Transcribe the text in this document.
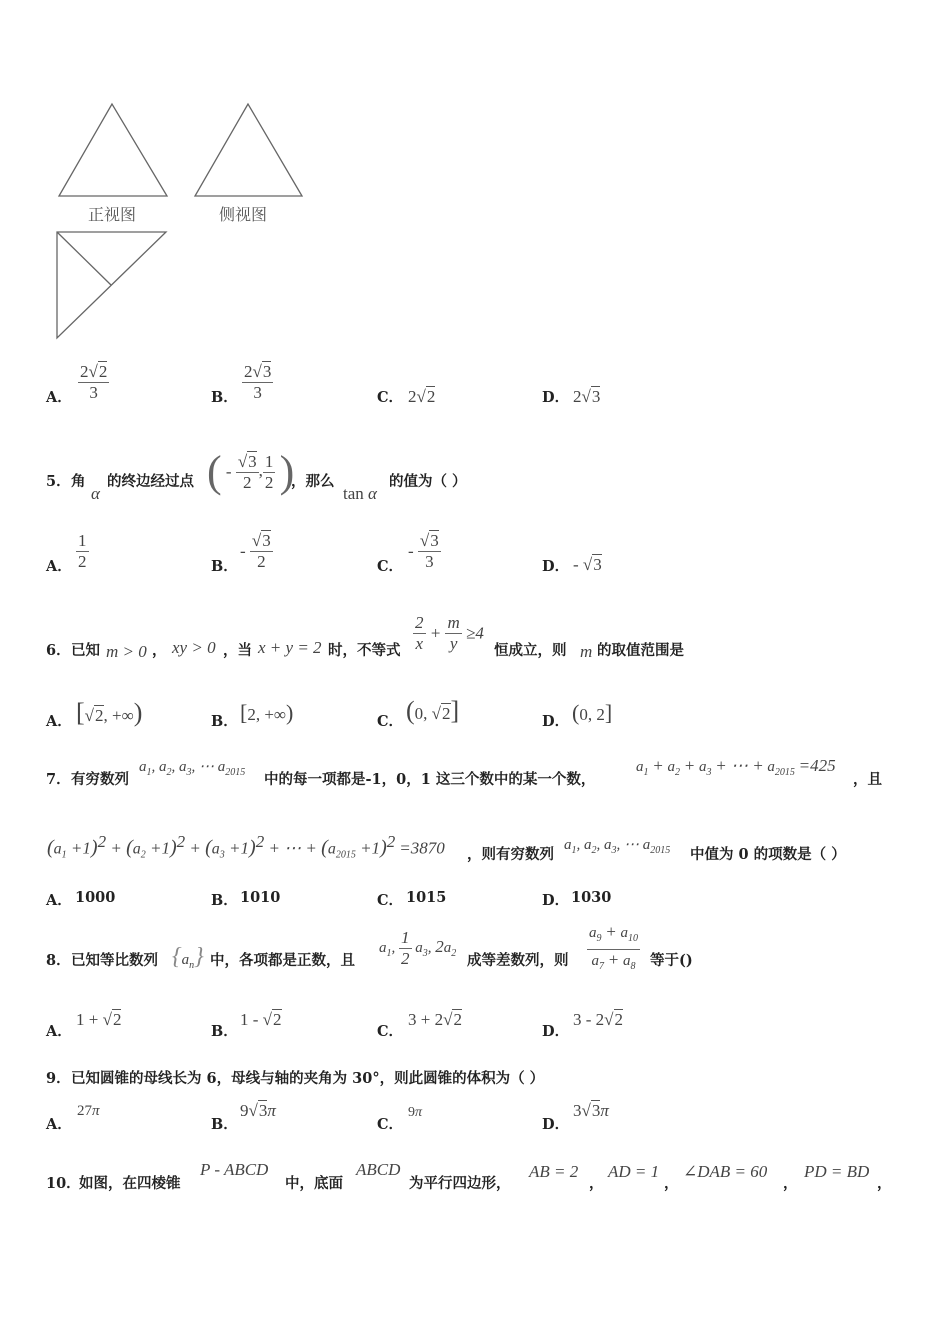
正视图	侧视图
A． $\frac{2√2}{3}$	B． $\frac{2√3}{3}$	C． 2√2	D． 2√3
5． 角
α
的终边经过点 ( - $\frac{√3}{2}$ , $\frac{1}{2}$ )
，那么
tan α
的值为（ ）
A． $\frac{1}{2}$	B．
- $\frac{√3}{2}$	C．
- $\frac{√3}{3}$	D． - √3
6． 已知 m > 0 ， xy > 0 ，当 x + y = 2 时，不等式 $\frac{2}{x} + \frac{m}{y} \ge 4$
恒成立，则 m 的取值范围是
A． [√2, +∞)	B． [2, +∞)	C． (0, √2]	D． (0, 2]
7． 有穷数列
$a_1$, $a_2$, $a_3$, ⋯ $a_{2015}$ 中的每一项都是-1，0，1 这三个数中的某一个数，
$a_1 + a_2 + a_3$ + ⋯ + $a_{2015} =425$
，且
$(a_1 +1)^2 + (a_2 +1)^2 + (a_3 +1)^2$ + ⋯ + $(a_{2015} +1)^2 =3870$ ，则有穷数列
$a_1$, $a_2$, $a_3$, ⋯ $a_{2015}$ 中值为 0 的项数是（ ）
A． 1000	B． 1010	C． 1015	D． 1030
8． 已知等比数列 $\{a_n\}$ 中，各项都是正数，且
$a_1$, $\frac{1}{2} a_3$, $2a_2$ 成等差数列，则 $\frac{a_9 + a_{10}}{a_7 + a_8}$ 等于()
A．
1 + √2
B．
1 - √2
C．
3 + 2√2
D．
3 - 2√2
9． 已知圆锥的母线长为 6，母线与轴的夹角为 30°，则此圆锥的体积为（ ）
A．
27π
B．
9√3π
C．
9π
D．
3√3π
10．
如图，在四棱锥
P - ABCD
中，底面
ABCD
为平行四边形，
AB = 2
，
AD = 1
，
∠DAB = 60
，
PD = BD
，
